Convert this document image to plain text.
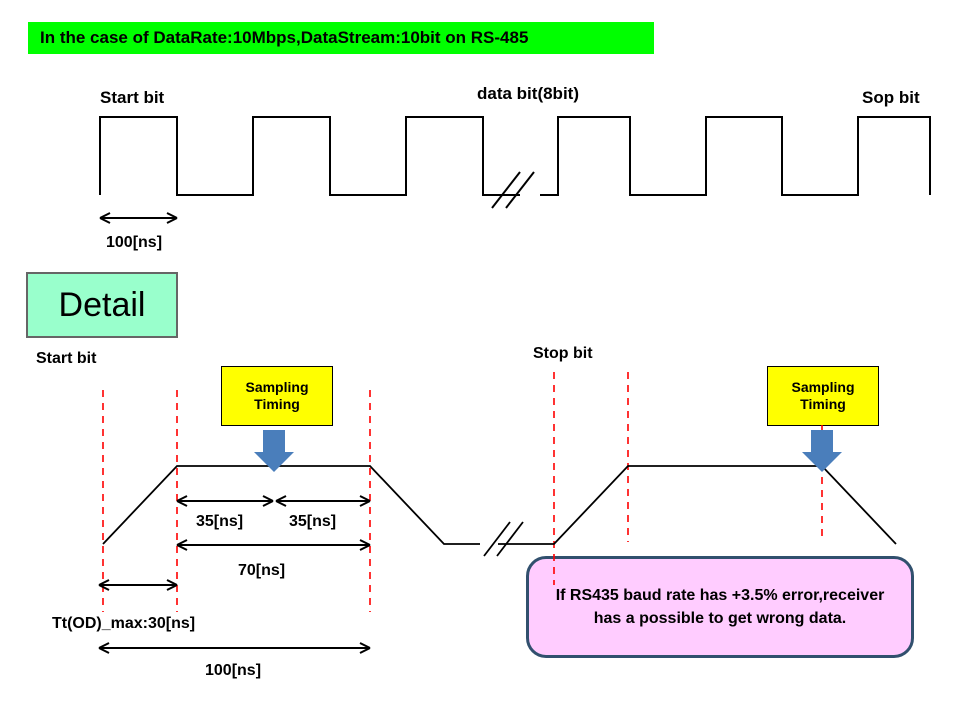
In the case of DataRate:10Mbps,DataStream:10bit on RS-485
Start bit	data bit(8bit)	Sop bit
100[ns]
Detail
Start bit	Stop bit
Sampling
Timing
Sampling
Timing
35[ns]	35[ns]
70[ns]
Tt(OD)_max:30[ns]
100[ns]
If RS435 baud rate has +3.5% error,receiver has a possible to get wrong data.
